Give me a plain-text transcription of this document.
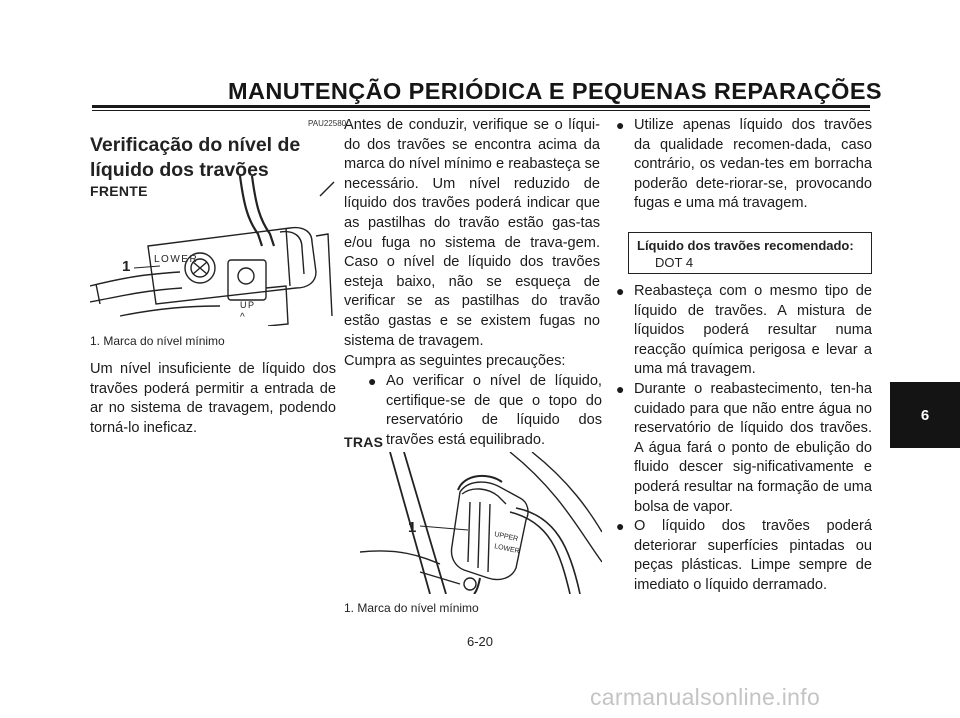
MANUTENÇÃO PERIÓDICA E PEQUENAS REPARAÇÕES
PAU22580
Verificação do nível de líquido dos travões
FRENTE
LOWER
UP
^
1
1. Marca do nível mínimo
Um nível insuficiente de líquido dos travões poderá permitir a entrada de ar no sistema de travagem, podendo torná-lo ineficaz.
Antes de conduzir, verifique se o líqui-do dos travões se encontra acima da marca do nível mínimo e reabasteça se necessário. Um nível reduzido de líquido dos travões poderá indicar que as pastilhas do travão estão gas-tas e/ou fuga no sistema de trava-gem. Caso o nível de líquido dos travões esteja baixo, não se esqueça de verificar se as pastilhas do travão estão gastas e se existem fugas no sistema de travagem.
Cumpra as seguintes precauções:
● Ao verificar o nível de líquido, certifique-se de que o topo do reservatório de líquido dos travões está equilibrado.
TRAS
UPPER
LOWER
1
1. Marca do nível mínimo
● Utilize apenas líquido dos travões da qualidade recomen-dada, caso contrário, os vedan-tes em borracha poderão dete-riorar-se, provocando fugas e uma má travagem.
Líquido dos travões recomendado:
DOT 4
● Reabasteça com o mesmo tipo de líquido de travões. A mistura de líquidos poderá resultar numa reacção química perigosa e levar a uma má travagem.
● Durante o reabastecimento, ten-ha cuidado para que não entre água no reservatório de líquido dos travões. A água fará o ponto de ebulição do fluido descer sig-nificativamente e poderá resultar na formação de uma bolsa de vapor.
● O líquido dos travões poderá deteriorar superfícies pintadas ou peças plásticas. Limpe sempre de imediato o líquido derramado.
6
6-20
carmanualsonline.info
